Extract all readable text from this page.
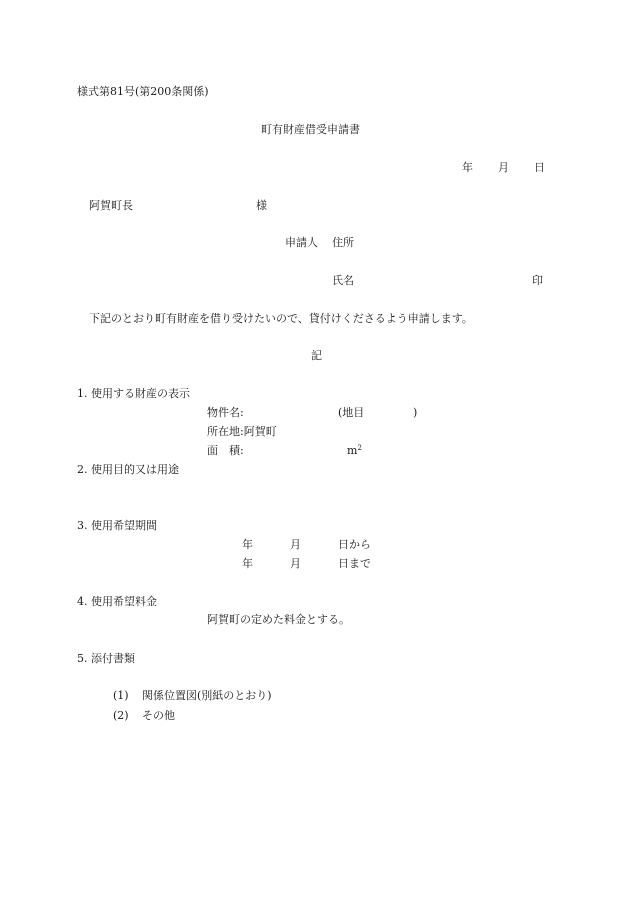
様式第81号(第200条関係)
町有財産借受申請書
年 月 日
阿賀町長	様
申請人 住所
氏名	印
下記のとおり町有財産を借り受けたいので、貸付けくださるよう申請します。
記
1. 使用する財産の表示
物件名:	(地目	)
所在地:阿賀町
面　積:	$m^2$
2. 使用目的又は用途
3. 使用希望期間
年	月	日から
年	月	日まで
4. 使用希望料金
阿賀町の定めた料金とする。
5. 添付書類
(1) 関係位置図(別紙のとおり)
(2) その他
